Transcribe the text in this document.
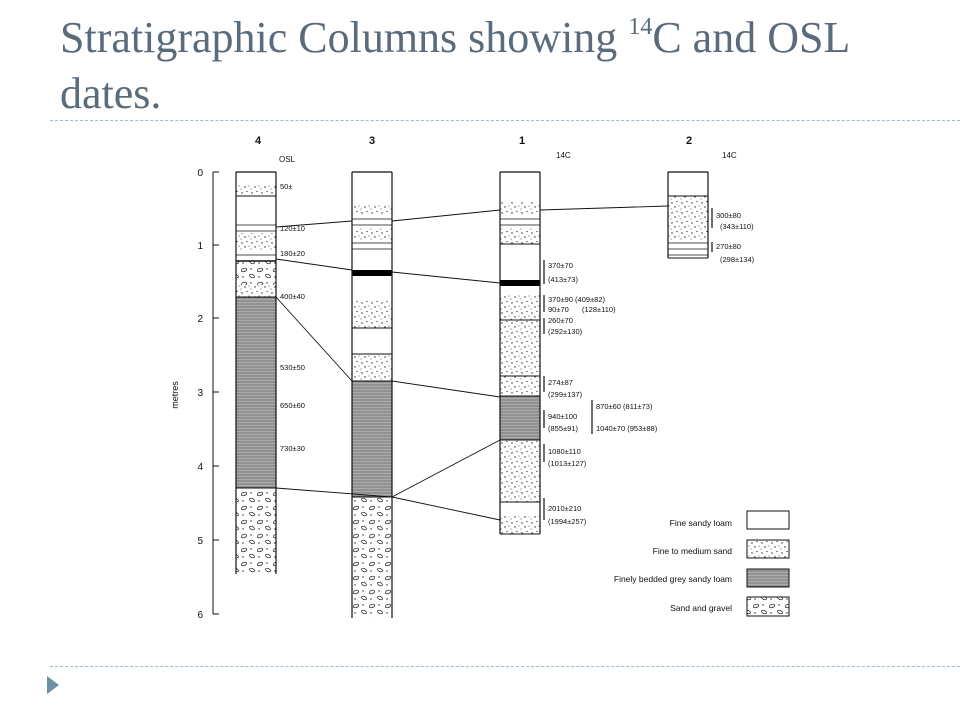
Stratigraphic Columns showing $^{14}$C and OSL dates.
4	3	1	2
OSL	14C	14C
0
1
2
3
4
5
6
metres
50±
120±10
180±20
400±40
530±50
650±60
730±30
370±70
(413±73)
370±90 (409±82)
90±70 (128±110)
260±70
(292±130)
274±87
(299±137)
870±60 (811±73)
940±100
(855±91) 1040±70 (953±88)
1080±110
(1013±127)
2010±210
(1994±257)
300±80
(343±110)
270±80
(298±134)
Fine sandy loam
Fine to medium sand
Finely bedded grey sandy loam
Sand and gravel
